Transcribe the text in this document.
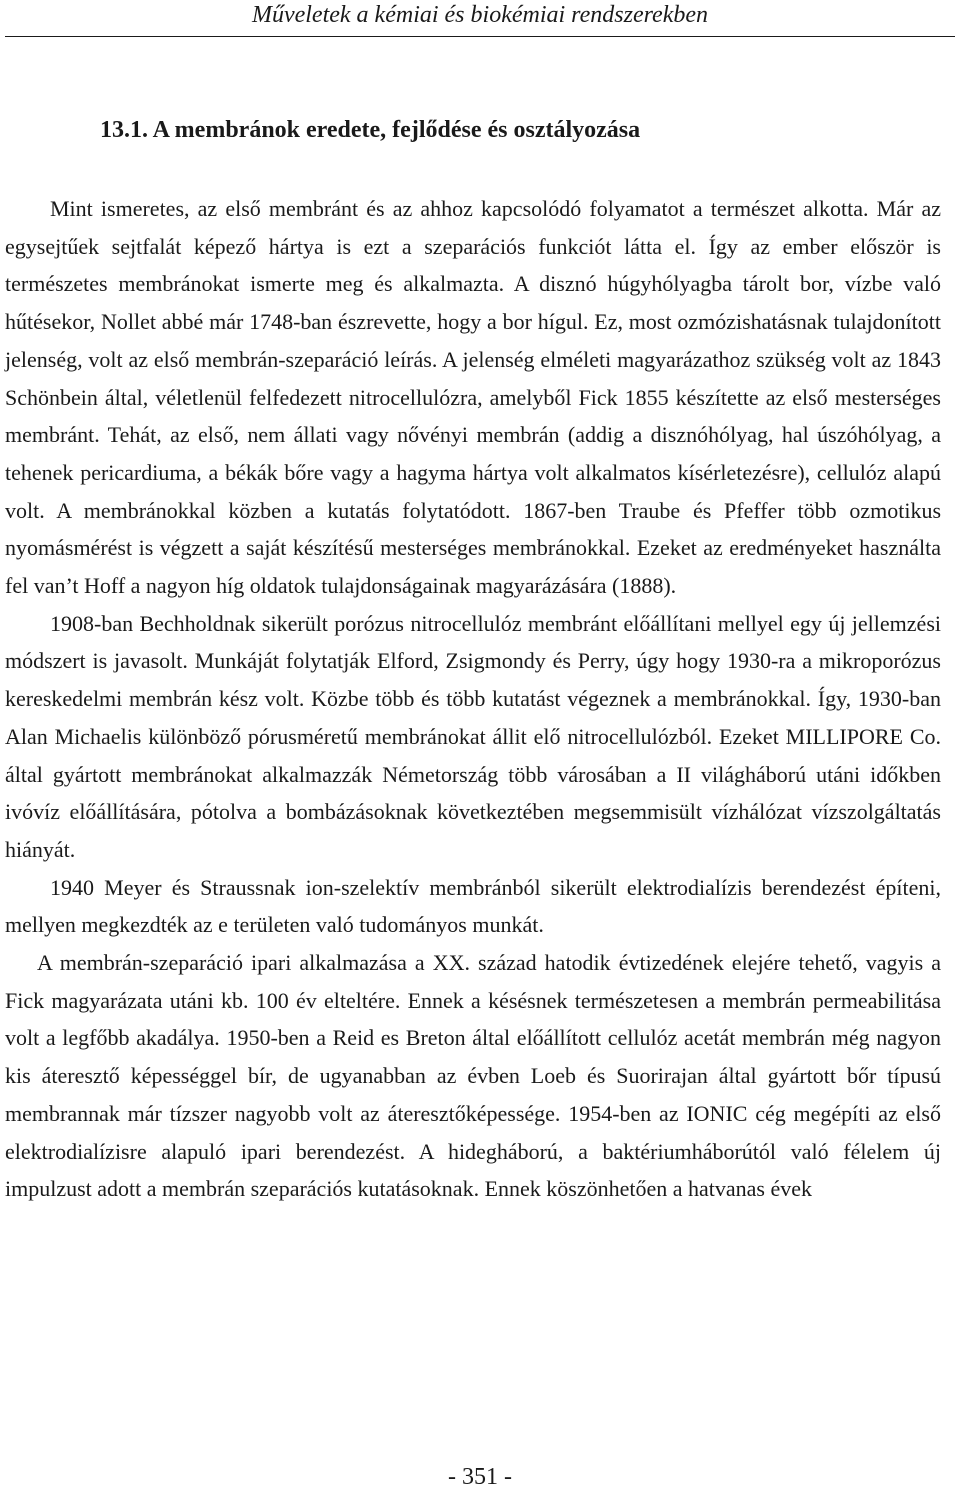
Műveletek a kémiai és biokémiai rendszerekben
13.1. A membránok eredete, fejlődése és osztályozása

Mint ismeretes, az első membránt és az ahhoz kapcsolódó folyamatot a természet alkotta. Már az egysejtűek sejtfalát képező hártya is ezt a szeparációs funkciót látta el. Így az ember először is természetes membránokat ismerte meg és alkalmazta. A disznó húgyhólyagba tárolt bor, vízbe való hűtésekor, Nollet abbé már 1748-ban észrevette, hogy a bor hígul. Ez, most ozmózishatásnak tulajdonított jelenség, volt az első membrán-szeparáció leírás. A jelenség elméleti magyarázathoz szükség volt az 1843 Schönbein által, véletlenül felfedezett nitrocellulózra, amelyből Fick 1855 készítette az első mesterséges membránt. Tehát, az első, nem állati vagy nővényi membrán (addig a disznóhólyag, hal úszóhólyag, a tehenek pericardiuma, a békák bőre vagy a hagyma hártya volt alkalmatos kísérletezésre), cellulóz alapú volt. A membránokkal közben a kutatás folytatódott. 1867-ben Traube és Pfeffer több ozmotikus nyomásmérést is végzett a saját készítésű mesterséges membránokkal. Ezeket az eredményeket használta fel van’t Hoff a nagyon híg oldatok tulajdonságainak magyarázására (1888).

1908-ban Bechholdnak sikerült porózus nitrocellulóz membránt előállítani mellyel egy új jellemzési módszert is javasolt. Munkáját folytatják Elford, Zsigmondy és Perry, úgy hogy 1930-ra a mikroporózus kereskedelmi membrán kész volt. Közbe több és több kutatást végeznek a membránokkal. Így, 1930-ban Alan Michaelis különböző pórusméretű membránokat állit elő nitrocellulózból. Ezeket MILLIPORE Co. által gyártott membránokat alkalmazzák Németország több városában a II világháború utáni időkben ivóvíz előállítására, pótolva a bombázásoknak következtében megsemmisült vízhálózat vízszolgáltatás hiányát.

1940 Meyer és Straussnak ion-szelektív membránból sikerült elektrodialízis berendezést építeni, mellyen megkezdték az e területen való tudományos munkát.

A membrán-szeparáció ipari alkalmazása a XX. század hatodik évtizedének elejére tehető, vagyis a Fick magyarázata utáni kb. 100 év elteltére. Ennek a késésnek természetesen a membrán permeabilitása volt a legfőbb akadálya. 1950-ben a Reid es Breton által előállított cellulóz acetát membrán még nagyon kis áteresztő képességgel bír, de ugyanabban az évben Loeb és Suorirajan által gyártott bőr típusú membrannak már tízszer nagyobb volt az áteresztőképessége. 1954-ben az IONIC cég megépíti az első elektrodialízisre alapuló ipari berendezést. A hidegháború, a baktériumháborútól való félelem új impulzust adott a membrán szeparációs kutatásoknak. Ennek köszönhetően a hatvanas évek

- 351 -
